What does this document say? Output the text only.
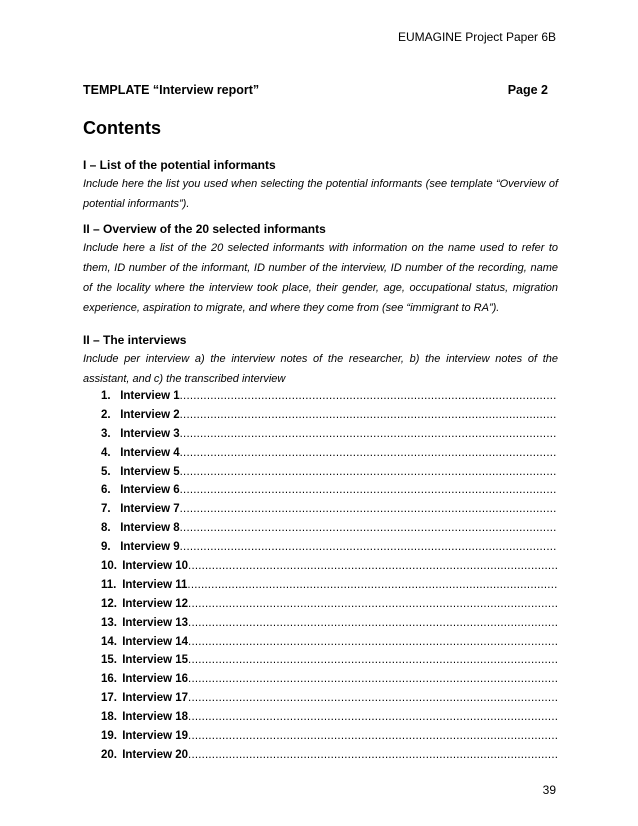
EUMAGINE Project Paper 6B
TEMPLATE “Interview report”	Page 2
Contents
I – List of the potential informants
Include here the list you used when selecting the potential informants (see template “Overview of potential informants”).
II – Overview of the 20 selected informants
Include here a list of the 20 selected informants with information on the name used to refer to them, ID number of the informant, ID number of the interview, ID number of the recording, name of the locality where the interview took place, their gender, age, occupational status, migration experience, aspiration to migrate, and where they come from (see “immigrant to RA”).
II – The interviews
Include per interview a) the interview notes of the researcher, b) the interview notes of the assistant, and c) the transcribed interview
1.
Interview 1
.....
2.
Interview 2
.....
3.
Interview 3
.....
4.
Interview 4
.....
5.
Interview 5
.....
6.
Interview 6
.....
7.
Interview 7
.....
8.
Interview 8
.....
9.
Interview 9
.....
10.
Interview 10
.....
11.
Interview 11
.....
12.
Interview 12
.....
13.
Interview 13
.....
14.
Interview 14
.....
15.
Interview 15
.....
16.
Interview 16
.....
17.
Interview 17
.....
18.
Interview 18
.....
19.
Interview 19
.....
20.
Interview 20
.....
39
